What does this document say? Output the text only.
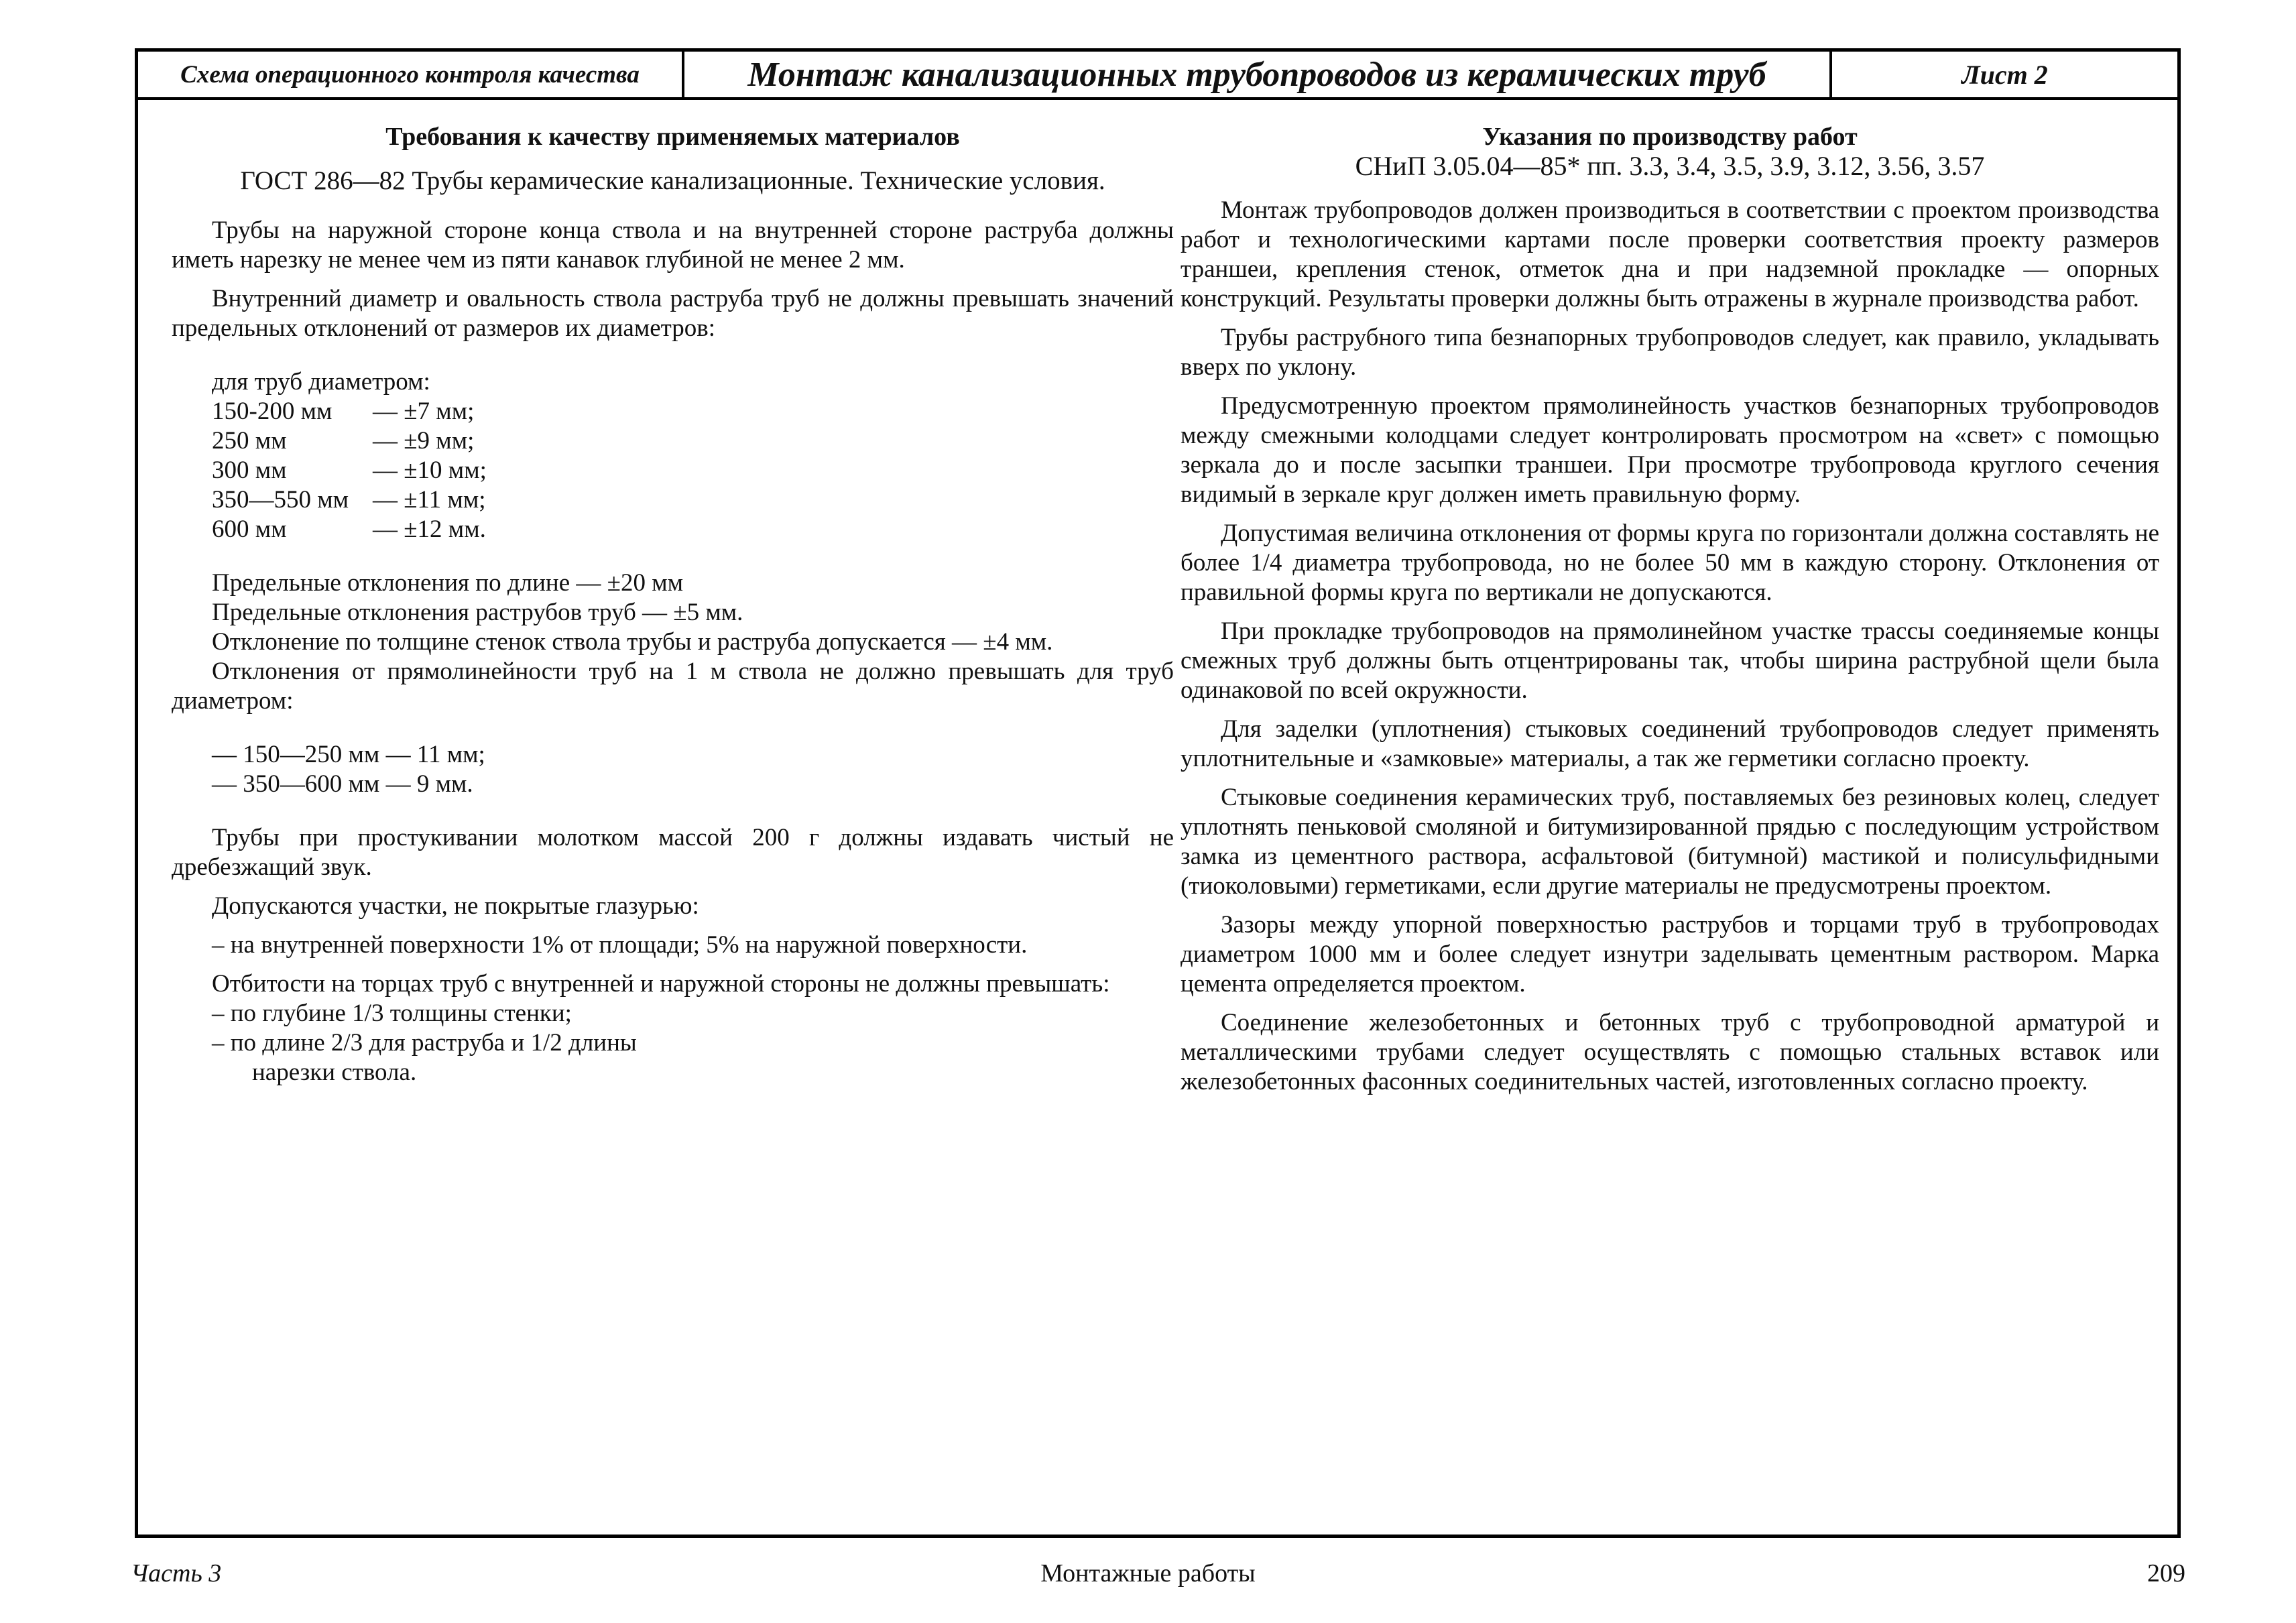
Схема операционного контроля качества	Монтаж канализационных трубопроводов из керамических труб	Лист 2
Требования к качеству применяемых материалов

ГОСТ 286—82 Трубы керамические канализационные. Технические условия.

Трубы на наружной стороне конца ствола и на внутренней стороне раструба должны иметь нарезку не менее чем из пяти канавок глубиной не менее 2 мм.

Внутренний диаметр и овальность ствола раструба труб не должны превышать значений предельных отклонений от размеров их диаметров:

для труб диаметром:
150-200 мм	— ±7 мм;
250 мм	— ±9 мм;
300 мм	— ±10 мм;
350—550 мм — ±11 мм;
600 мм	— ±12 мм.
Предельные отклонения по длине — ±20 мм
Предельные отклонения раструбов труб — ±5 мм.

Отклонение по толщине стенок ствола трубы и раструба допускается — ±4 мм.

Отклонения от прямолинейности труб на 1 м ствола не должно превышать для труб диаметром:

— 150—250 мм — 11 мм;
— 350—600 мм — 9 мм.

Трубы при простукивании молотком массой 200 г должны издавать чистый не дребезжащий звук.

Допускаются участки, не покрытые глазурью:

– на внутренней поверхности 1% от площади; 5% на наружной поверхности.

Отбитости на торцах труб с внутренней и наружной стороны не должны превышать:

– по глубине 1/3 толщины стенки;
– по длине 2/3 для раструба и 1/2 длины
нарезки ствола.
Указания по производству работ

СНиП 3.05.04—85* пп. 3.3, 3.4, 3.5, 3.9, 3.12, 3.56, 3.57

Монтаж трубопроводов должен производиться в соответствии с проектом производства работ и технологическими картами после проверки соответствия проекту размеров траншеи, крепления стенок, отметок дна и при надземной прокладке — опорных конструкций. Результаты проверки должны быть отражены в журнале производства работ.

Трубы раструбного типа безнапорных трубопроводов следует, как правило, укладывать вверх по уклону.

Предусмотренную проектом прямолинейность участков безнапорных трубопроводов между смежными колодцами следует контролировать просмотром на «свет» с помощью зеркала до и после засыпки траншеи. При просмотре трубопровода круглого сечения видимый в зеркале круг должен иметь правильную форму.

Допустимая величина отклонения от формы круга по горизонтали должна составлять не более 1/4 диаметра трубопровода, но не более 50 мм в каждую сторону. Отклонения от правильной формы круга по вертикали не допускаются.

При прокладке трубопроводов на прямолинейном участке трассы соединяемые концы смежных труб должны быть отцентрированы так, чтобы ширина раструбной щели была одинаковой по всей окружности.

Для заделки (уплотнения) стыковых соединений трубопроводов следует применять уплотнительные и «замковые» материалы, а так же герметики согласно проекту.

Стыковые соединения керамических труб, поставляемых без резиновых колец, следует уплотнять пеньковой смоляной и битумизированной прядью с последующим устройством замка из цементного раствора, асфальтовой (битумной) мастикой и полисульфидными (тиоколовыми) герметиками, если другие материалы не предусмотрены проектом.

Зазоры между упорной поверхностью раструбов и торцами труб в трубопроводах диаметром 1000 мм и более следует изнутри заделывать цементным раствором. Марка цемента определяется проектом.

Соединение железобетонных и бетонных труб с трубопроводной арматурой и металлическими трубами следует осуществлять с помощью стальных вставок или железобетонных фасонных соединительных частей, изготовленных согласно проекту.

Часть 3	Монтажные работы	209
